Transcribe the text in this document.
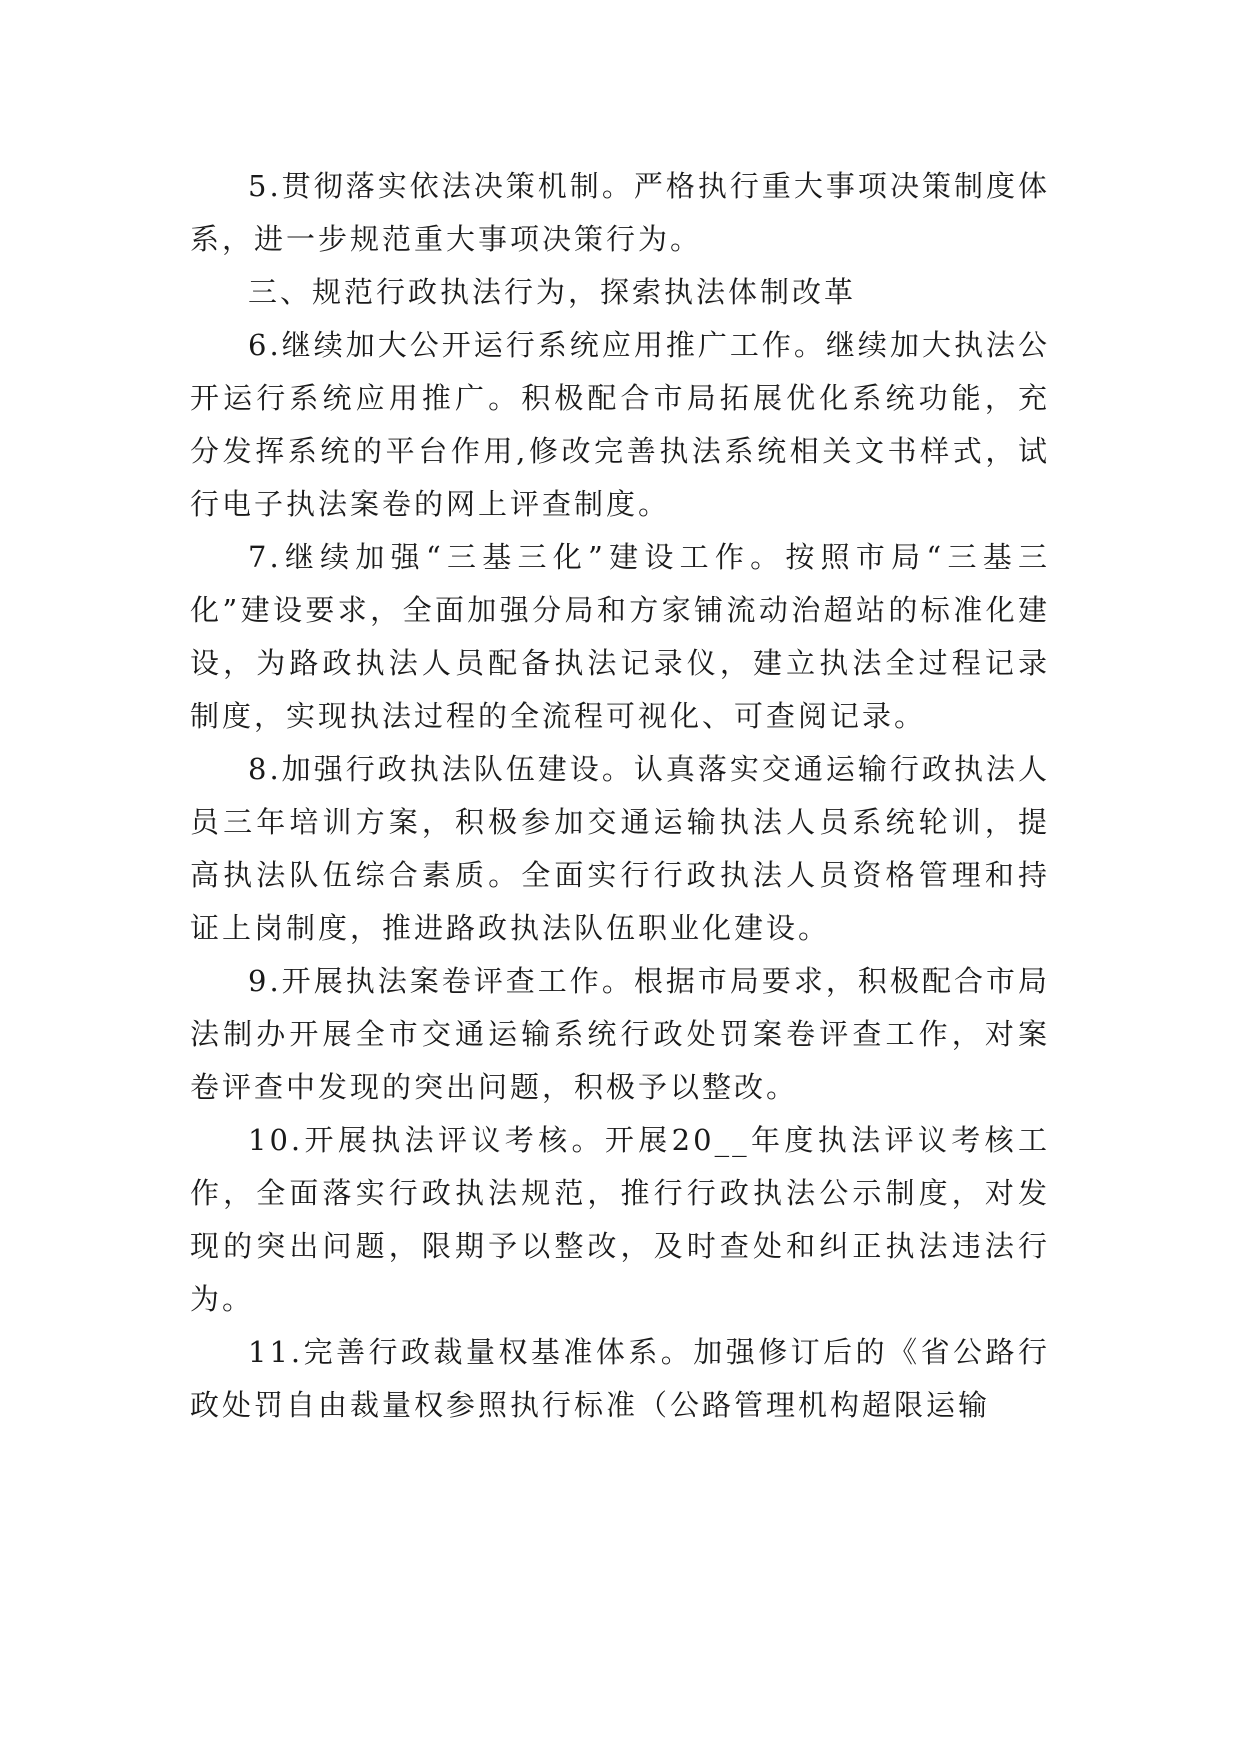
5.贯彻落实依法决策机制。严格执行重大事项决策制度体系，进一步规范重大事项决策行为。

三、规范行政执法行为，探索执法体制改革

6.继续加大公开运行系统应用推广工作。继续加大执法公开运行系统应用推广。积极配合市局拓展优化系统功能，充分发挥系统的平台作用,修改完善执法系统相关文书样式，试行电子执法案卷的网上评查制度。

7.继续加强“三基三化”建设工作。按照市局“三基三化”建设要求，全面加强分局和方家铺流动治超站的标准化建设，为路政执法人员配备执法记录仪，建立执法全过程记录制度，实现执法过程的全流程可视化、可查阅记录。

8.加强行政执法队伍建设。认真落实交通运输行政执法人员三年培训方案，积极参加交通运输执法人员系统轮训，提高执法队伍综合素质。全面实行行政执法人员资格管理和持证上岗制度，推进路政执法队伍职业化建设。

9.开展执法案卷评查工作。根据市局要求，积极配合市局法制办开展全市交通运输系统行政处罚案卷评查工作，对案卷评查中发现的突出问题，积极予以整改。

10.开展执法评议考核。开展20__年度执法评议考核工作，全面落实行政执法规范，推行行政执法公示制度，对发现的突出问题，限期予以整改，及时查处和纠正执法违法行为。

11.完善行政裁量权基准体系。加强修订后的《省公路行政处罚自由裁量权参照执行标准（公路管理机构超限运输
